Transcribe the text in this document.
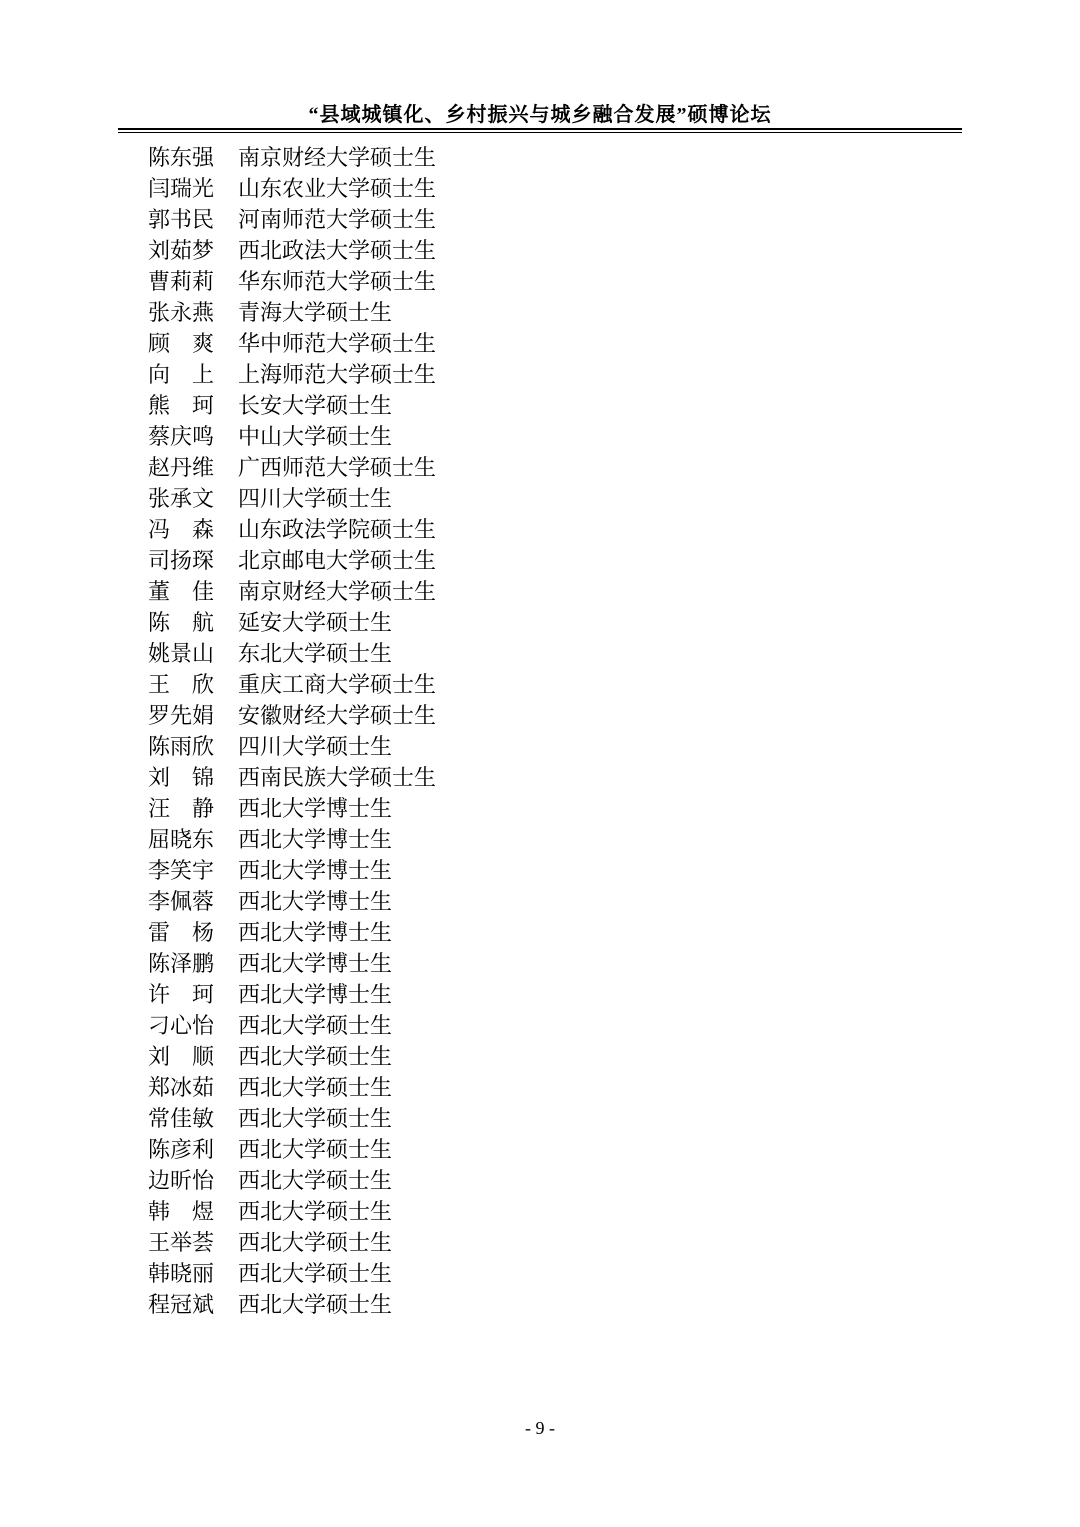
“县域城镇化、乡村振兴与城乡融合发展”硕博论坛
陈东强	南京财经大学硕士生
闫瑞光	山东农业大学硕士生
郭书民	河南师范大学硕士生
刘茹梦	西北政法大学硕士生
曹莉莉	华东师范大学硕士生
张永燕	青海大学硕士生
顾　爽	华中师范大学硕士生
向　上	上海师范大学硕士生
熊　珂	长安大学硕士生
蔡庆鸣	中山大学硕士生
赵丹维	广西师范大学硕士生
张承文	四川大学硕士生
冯　森	山东政法学院硕士生
司扬琛	北京邮电大学硕士生
董　佳	南京财经大学硕士生
陈　航	延安大学硕士生
姚景山	东北大学硕士生
王　欣	重庆工商大学硕士生
罗先娟	安徽财经大学硕士生
陈雨欣	四川大学硕士生
刘　锦	西南民族大学硕士生
汪　静	西北大学博士生
屈晓东	西北大学博士生
李笑宇	西北大学博士生
李佩蓉	西北大学博士生
雷　杨	西北大学博士生
陈泽鹏	西北大学博士生
许　珂	西北大学博士生
刁心怡	西北大学硕士生
刘　顺	西北大学硕士生
郑冰茹	西北大学硕士生
常佳敏	西北大学硕士生
陈彦利	西北大学硕士生
边昕怡	西北大学硕士生
韩　煜	西北大学硕士生
王举荟	西北大学硕士生
韩晓丽	西北大学硕士生
程冠斌	西北大学硕士生
- 9 -
